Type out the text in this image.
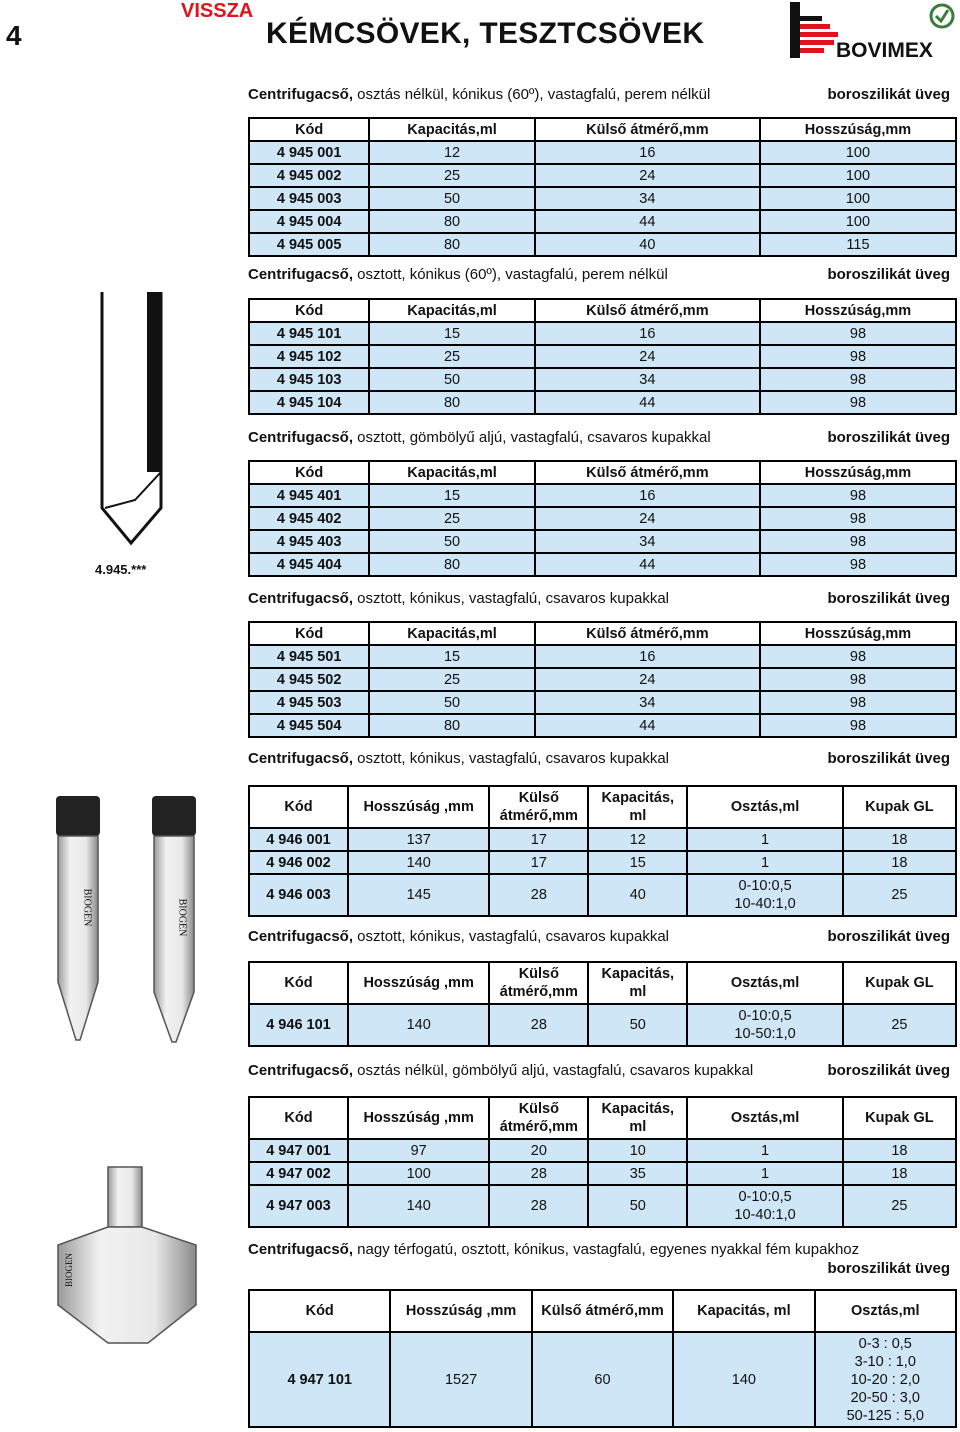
4
VISSZA
KÉMCSÖVEK, TESZTCSÖVEK
BOVIMEX
4.945.***
BIOGEN	BIOGEN
BIOGEN
Centrifugacső, osztás nélkül, kónikus (60º), vastagfalú, perem nélkül	boroszilikát üveg
Kód	Kapacitás,ml	Külső átmérő,mm	Hosszúság,mm
4 945 001	12	16	100
4 945 002	25	24	100
4 945 003	50	34	100
4 945 004	80	44	100
4 945 005	80	40	115
Centrifugacső, osztott, kónikus (60º), vastagfalú, perem nélkül	boroszilikát üveg
Kód	Kapacitás,ml	Külső átmérő,mm	Hosszúság,mm
4 945 101	15	16	98
4 945 102	25	24	98
4 945 103	50	34	98
4 945 104	80	44	98
Centrifugacső, osztott, gömbölyű aljú, vastagfalú, csavaros kupakkal	boroszilikát üveg
Kód	Kapacitás,ml	Külső átmérő,mm	Hosszúság,mm
4 945 401	15	16	98
4 945 402	25	24	98
4 945 403	50	34	98
4 945 404	80	44	98
Centrifugacső, osztott, kónikus, vastagfalú, csavaros kupakkal	boroszilikát üveg
Kód	Kapacitás,ml	Külső átmérő,mm	Hosszúság,mm
4 945 501	15	16	98
4 945 502	25	24	98
4 945 503	50	34	98
4 945 504	80	44	98
Centrifugacső, osztott, kónikus, vastagfalú, csavaros kupakkal	boroszilikát üveg
Kód	Hosszúság ,mm	Külső átmérő,mm	Kapacitás, ml	Osztás,ml	Kupak GL
4 946 001	137	17	12	1	18
4 946 002	140	17	15	1	18
4 946 003	145	28	40	0-10:0,5
10-40:1,0	25
Centrifugacső, osztott, kónikus, vastagfalú, csavaros kupakkal	boroszilikát üveg
Kód	Hosszúság ,mm	Külső átmérő,mm	Kapacitás, ml	Osztás,ml	Kupak GL
4 946 101	140	28	50	0-10:0,5
10-50:1,0	25
Centrifugacső, osztás nélkül, gömbölyű aljú, vastagfalú, csavaros kupakkal	boroszilikát üveg
Kód	Hosszúság ,mm	Külső átmérő,mm	Kapacitás, ml	Osztás,ml	Kupak GL
4 947 001	97	20	10	1	18
4 947 002	100	28	35	1	18
4 947 003	140	28	50	0-10:0,5
10-40:1,0	25
Centrifugacső, nagy térfogatú, osztott, kónikus, vastagfalú, egyenes nyakkal fém kupakhoz
boroszilikát üveg
Kód	Hosszúság ,mm	Külső átmérő,mm	Kapacitás, ml	Osztás,ml
4 947 101	1527	60	140	0-3 : 0,5
3-10 : 1,0
10-20 : 2,0
20-50 : 3,0
50-125 : 5,0
